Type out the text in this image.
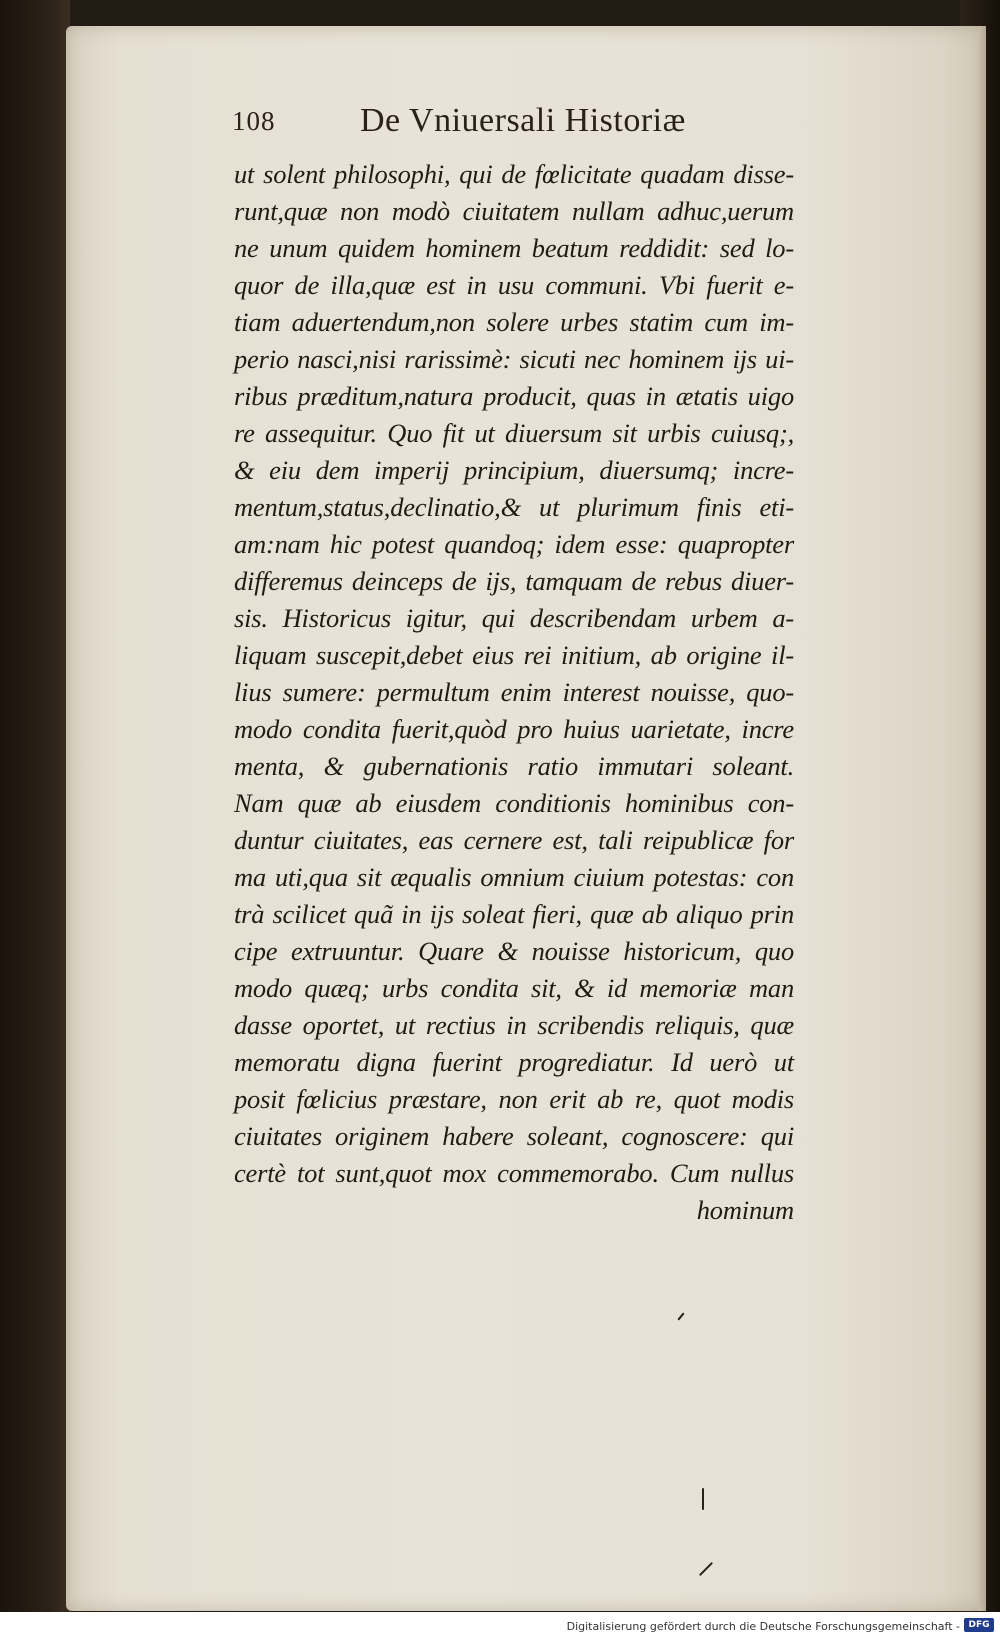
108 De Vniuersali Historiæ
ut solent philosophi, qui de fœlicitate quadam disse-
runt,quæ non modò ciuitatem nullam adhuc,uerum
ne unum quidem hominem beatum reddidit: sed lo-
quor de illa,quæ est in usu communi. Vbi fuerit e-
tiam aduertendum,non solere urbes statim cum im-
perio nasci,nisi rarissimè: sicuti nec hominem ijs ui-
ribus præditum,natura producit, quas in ætatis uigo
re assequitur. Quo fit ut diuersum sit urbis cuiusq;,
& eiu dem imperij principium, diuersumq; incre-
mentum,status,declinatio,& ut plurimum finis eti-
am:nam hic potest quandoq; idem esse: quapropter
differemus deinceps de ijs, tamquam de rebus diuer-
sis. Historicus igitur, qui describendam urbem a-
liquam suscepit,debet eius rei initium, ab origine il-
lius sumere: permultum enim interest nouisse, quo-
modo condita fuerit,quòd pro huius uarietate, incre
menta, & gubernationis ratio immutari soleant.
Nam quæ ab eiusdem conditionis hominibus con-
duntur ciuitates, eas cernere est, tali reipublicæ for
ma uti,qua sit æqualis omnium ciuium potestas: con
trà scilicet quã in ijs soleat fieri, quæ ab aliquo prin
cipe extruuntur. Quare & nouisse historicum, quo
modo quæq; urbs condita sit, & id memoriæ man
dasse oportet, ut rectius in scribendis reliquis, quæ
memoratu digna fuerint progrediatur. Id uerò ut
posit fœlicius præstare, non erit ab re, quot modis
ciuitates originem habere soleant, cognoscere: qui
certè tot sunt,quot mox commemorabo. Cum nullus
hominum
Digitalisierung gefördert durch die Deutsche Forschungsgemeinschaft - DFG
